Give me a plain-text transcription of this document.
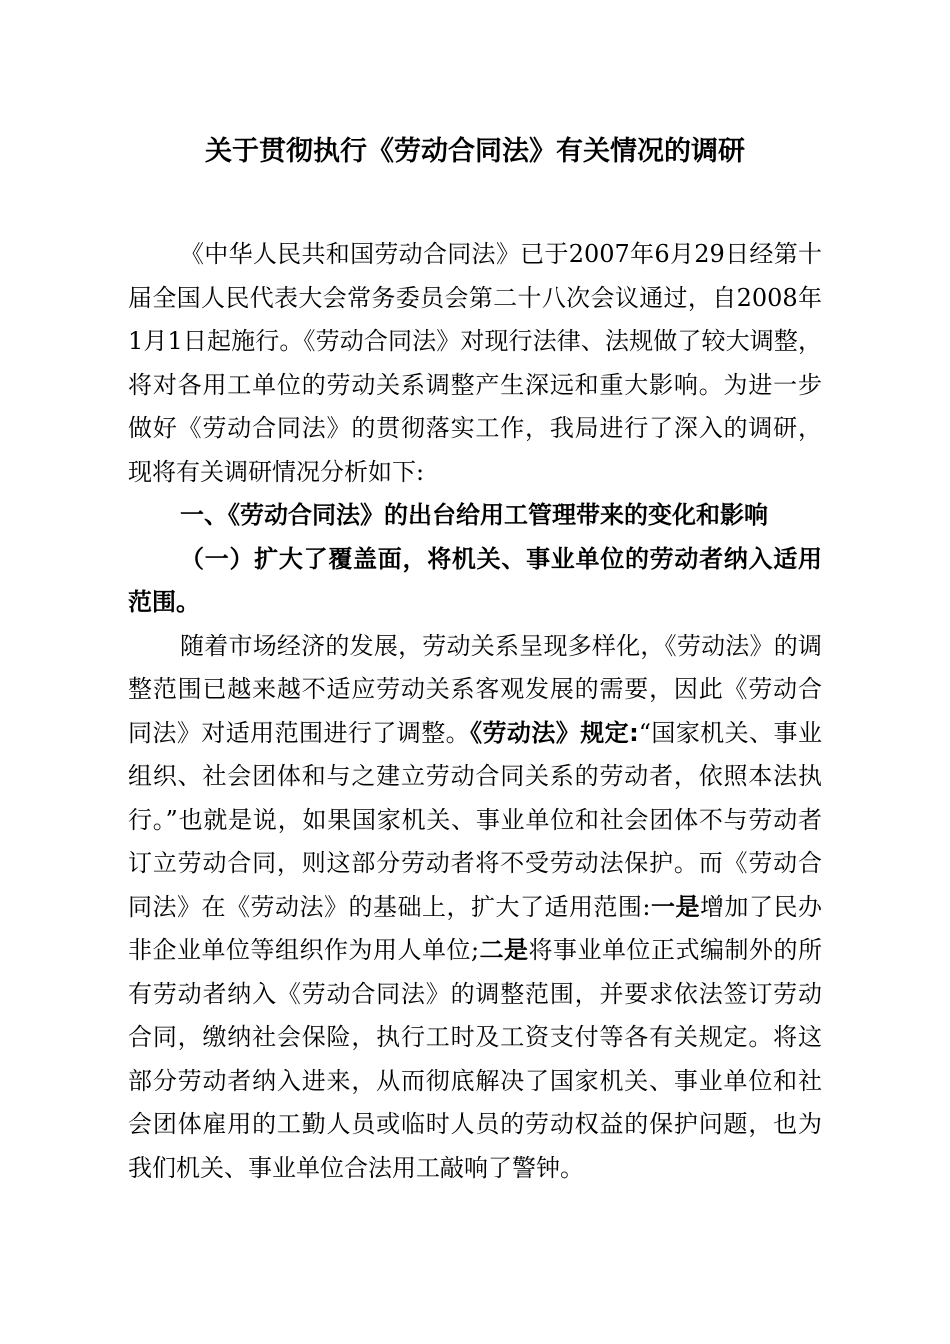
关于贯彻执行《劳动合同法》有关情况的调研

《中华人民共和国劳动合同法》已于2007年6月29日经第十届全国人民代表大会常务委员会第二十八次会议通过，自2008年1月1日起施行。《劳动合同法》对现行法律、法规做了较大调整，将对各用工单位的劳动关系调整产生深远和重大影响。为进一步做好《劳动合同法》的贯彻落实工作，我局进行了深入的调研，现将有关调研情况分析如下:

一、《劳动合同法》的出台给用工管理带来的变化和影响

（一）扩大了覆盖面，将机关、事业单位的劳动者纳入适用范围。

随着市场经济的发展，劳动关系呈现多样化，《劳动法》的调整范围已越来越不适应劳动关系客观发展的需要，因此《劳动合同法》对适用范围进行了调整。《劳动法》规定:“国家机关、事业组织、社会团体和与之建立劳动合同关系的劳动者，依照本法执行。”也就是说，如果国家机关、事业单位和社会团体不与劳动者订立劳动合同，则这部分劳动者将不受劳动法保护。而《劳动合同法》在《劳动法》的基础上，扩大了适用范围:一是增加了民办非企业单位等组织作为用人单位;二是将事业单位正式编制外的所有劳动者纳入《劳动合同法》的调整范围，并要求依法签订劳动合同，缴纳社会保险，执行工时及工资支付等各有关规定。将这部分劳动者纳入进来，从而彻底解决了国家机关、事业单位和社会团体雇用的工勤人员或临时人员的劳动权益的保护问题，也为我们机关、事业单位合法用工敲响了警钟。
